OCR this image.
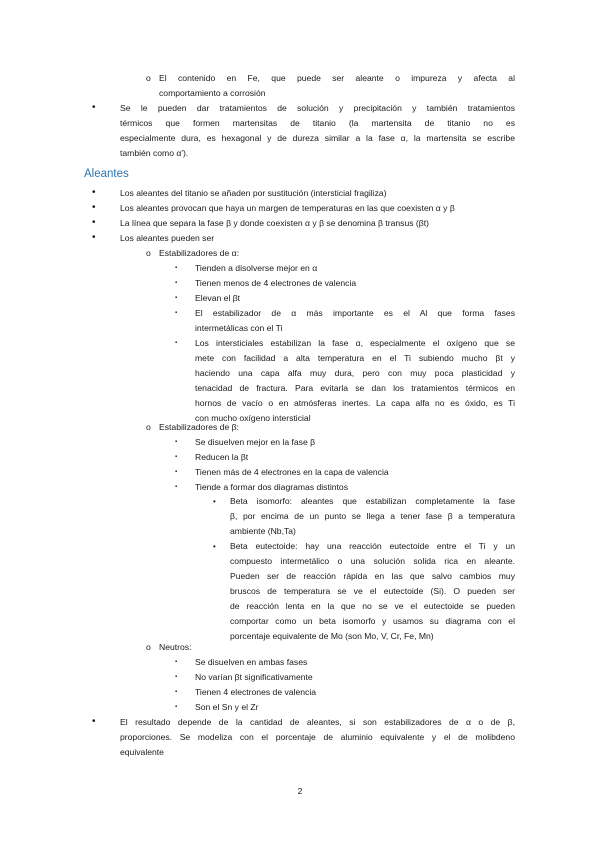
o El contenido en Fe, que puede ser aleante o impureza y afecta al
comportamiento a corrosión
•	Se le pueden dar tratamientos de solución y precipitación y también tratamientos
térmicos que formen martensitas de titanio (la martensita de titanio no es
especialmente dura, es hexagonal y de dureza similar a la fase α, la martensita se escribe
también como α′).
Aleantes
•	Los aleantes del titanio se añaden por sustitución (intersticial fragiliza)
•	Los aleantes provocan que haya un margen de temperaturas en las que coexisten α y β
•	La línea que separa la fase β y donde coexisten α y β se denomina β transus (βt)
•	Los aleantes pueden ser
o Estabilizadores de α:
▪ Tienden a disolverse mejor en α
▪ Tienen menos de 4 electrones de valencia
▪ Elevan el βt
▪ El estabilizador de α más importante es el Al que forma fases
intermetálicas con el Ti
▪ Los intersticiales estabilizan la fase α, especialmente el oxígeno que se
mete con facilidad a alta temperatura en el Ti subiendo mucho βt y
haciendo una capa alfa muy dura, pero con muy poca plasticidad y
tenacidad de fractura. Para evitarla se dan los tratamientos térmicos en
hornos de vacío o en atmósferas inertes. La capa alfa no es óxido, es Ti
con mucho oxígeno intersticial
o Estabilizadores de β:
▪ Se disuelven mejor en la fase β
▪ Reducen la βt
▪ Tienen más de 4 electrones en la capa de valencia
▪ Tiende a formar dos diagramas distintos
• Beta isomorfo: aleantes que estabilizan completamente la fase
β, por encima de un punto se llega a tener fase β a temperatura
ambiente (Nb,Ta)
• Beta eutectoide: hay una reacción eutectoide entre el Ti y un
compuesto intermetálico o una solución solida rica en aleante.
Pueden ser de reacción rápida en las que salvo cambios muy
bruscos de temperatura se ve el eutectoide (Si). O pueden ser
de reacción lenta en la que no se ve el eutectoide se pueden
comportar como un beta isomorfo y usamos su diagrama con el
porcentaje equivalente de Mo (son Mo, V, Cr, Fe, Mn)
o Neutros:
▪ Se disuelven en ambas fases
▪ No varían βt significativamente
▪ Tienen 4 electrones de valencia
▪ Son el Sn y el Zr
•	El resultado depende de la cantidad de aleantes, si son estabilizadores de α o de β,
proporciones. Se modeliza con el porcentaje de aluminio equivalente y el de molibdeno
equivalente
2
